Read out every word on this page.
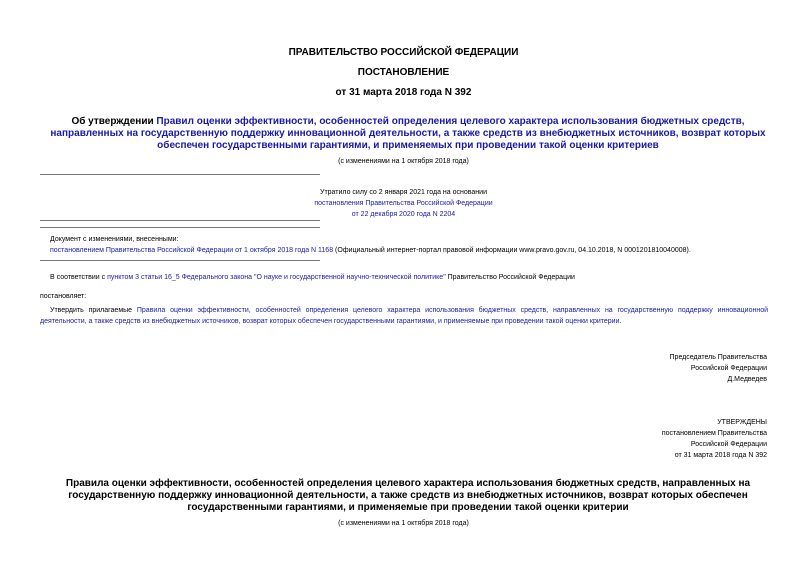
ПРАВИТЕЛЬСТВО РОССИЙСКОЙ ФЕДЕРАЦИИ
ПОСТАНОВЛЕНИЕ
от 31 марта 2018 года N 392
Об утверждении Правил оценки эффективности, особенностей определения целевого характера использования бюджетных средств, направленных на государственную поддержку инновационной деятельности, а также средств из внебюджетных источников, возврат которых обеспечен государственными гарантиями, и применяемых при проведении такой оценки критериев
(с изменениями на 1 октября 2018 года)
Утратило силу со 2 января 2021 года на основании
постановления Правительства Российской Федерации
от 22 декабря 2020 года N 2204
Документ с изменениями, внесенными:
постановлением Правительства Российской Федерации от 1 октября 2018 года N 1168 (Официальный интернет-портал правовой информации www.pravo.gov.ru, 04.10.2018, N 0001201810040008).
В соответствии с пунктом 3 статьи 16_5 Федерального закона "О науке и государственной научно-технической политике" Правительство Российской Федерации
постановляет:
Утвердить прилагаемые Правила оценки эффективности, особенностей определения целевого характера использования бюджетных средств, направленных на государственную поддержку инновационной деятельности, а также средств из внебюджетных источников, возврат которых обеспечен государственными гарантиями, и применяемые при проведении такой оценки критерии.
Председатель Правительства
Российской Федерации
Д.Медведев
УТВЕРЖДЕНЫ
постановлением Правительства
Российской Федерации
от 31 марта 2018 года N 392
Правила оценки эффективности, особенностей определения целевого характера использования бюджетных средств, направленных на государственную поддержку инновационной деятельности, а также средств из внебюджетных источников, возврат которых обеспечен государственными гарантиями, и применяемые при проведении такой оценки критерии
(с изменениями на 1 октября 2018 года)
